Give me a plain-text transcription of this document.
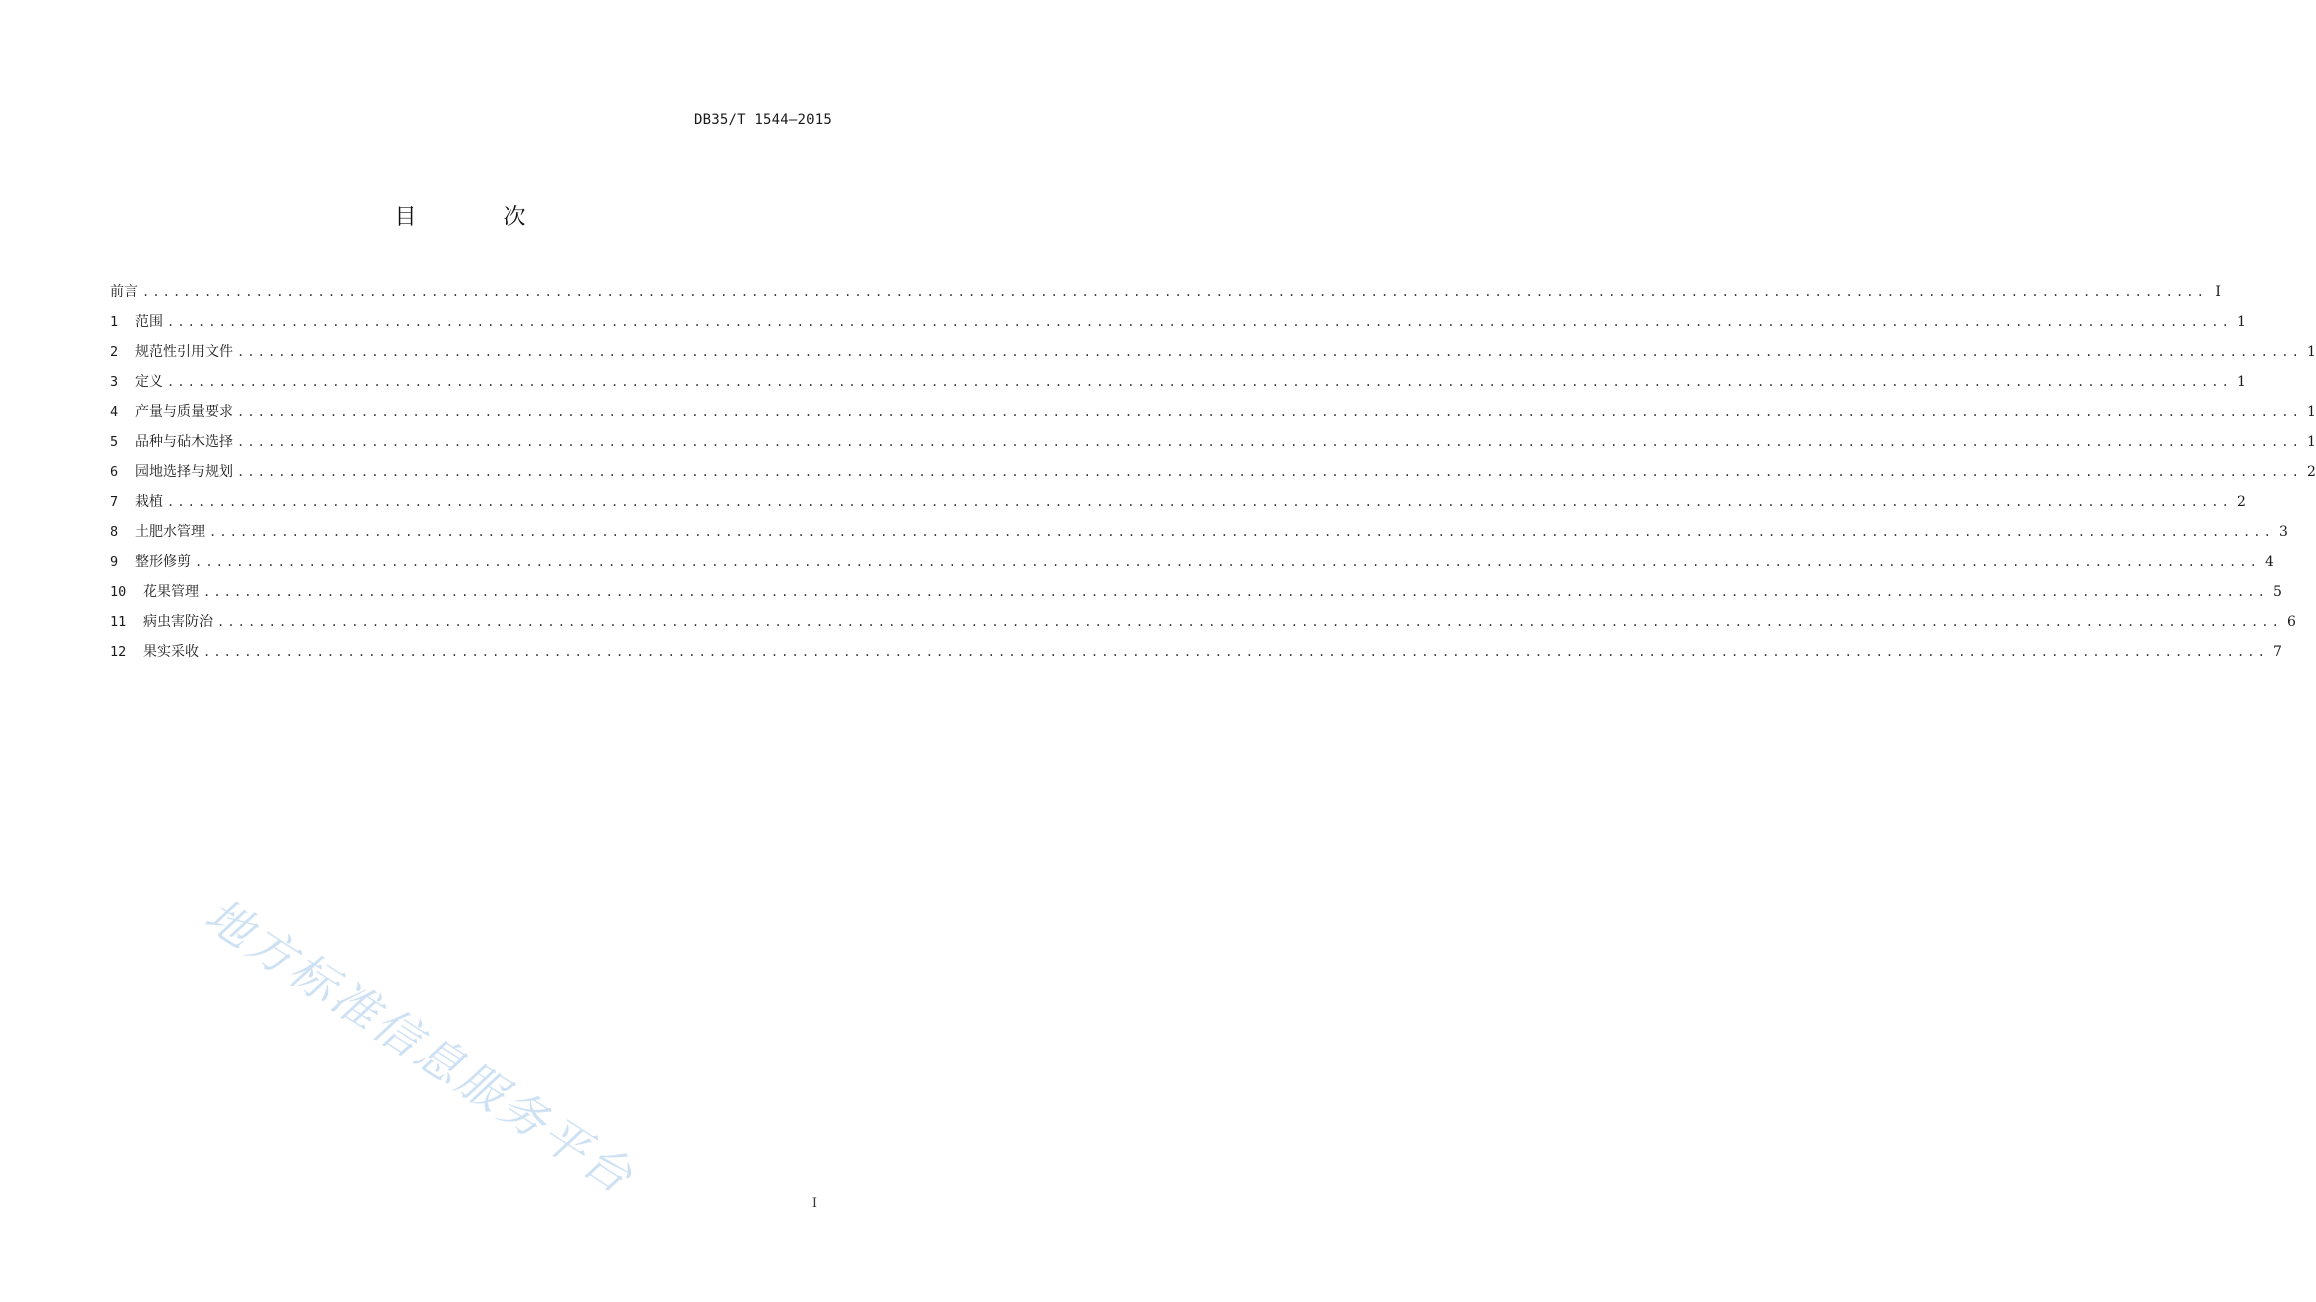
DB35/T 1544—2015
目 次
前言 ........................................................................................................................................................................................................ I
1	范围 ........................................................................................................................................................................................................ 1
2	规范性引用文件 ........................................................................................................................................................................................................ 1
3	定义 ........................................................................................................................................................................................................ 1
4	产量与质量要求 ........................................................................................................................................................................................................ 1
5	品种与砧木选择 ........................................................................................................................................................................................................ 1
6	园地选择与规划 ........................................................................................................................................................................................................ 2
7	栽植 ........................................................................................................................................................................................................ 2
8	土肥水管理 ........................................................................................................................................................................................................ 3
9	整形修剪 ........................................................................................................................................................................................................ 4
10	花果管理 ........................................................................................................................................................................................................ 5
11	病虫害防治 ........................................................................................................................................................................................................ 6
12	果实采收 ........................................................................................................................................................................................................ 7
地方标准信息服务平台	I
